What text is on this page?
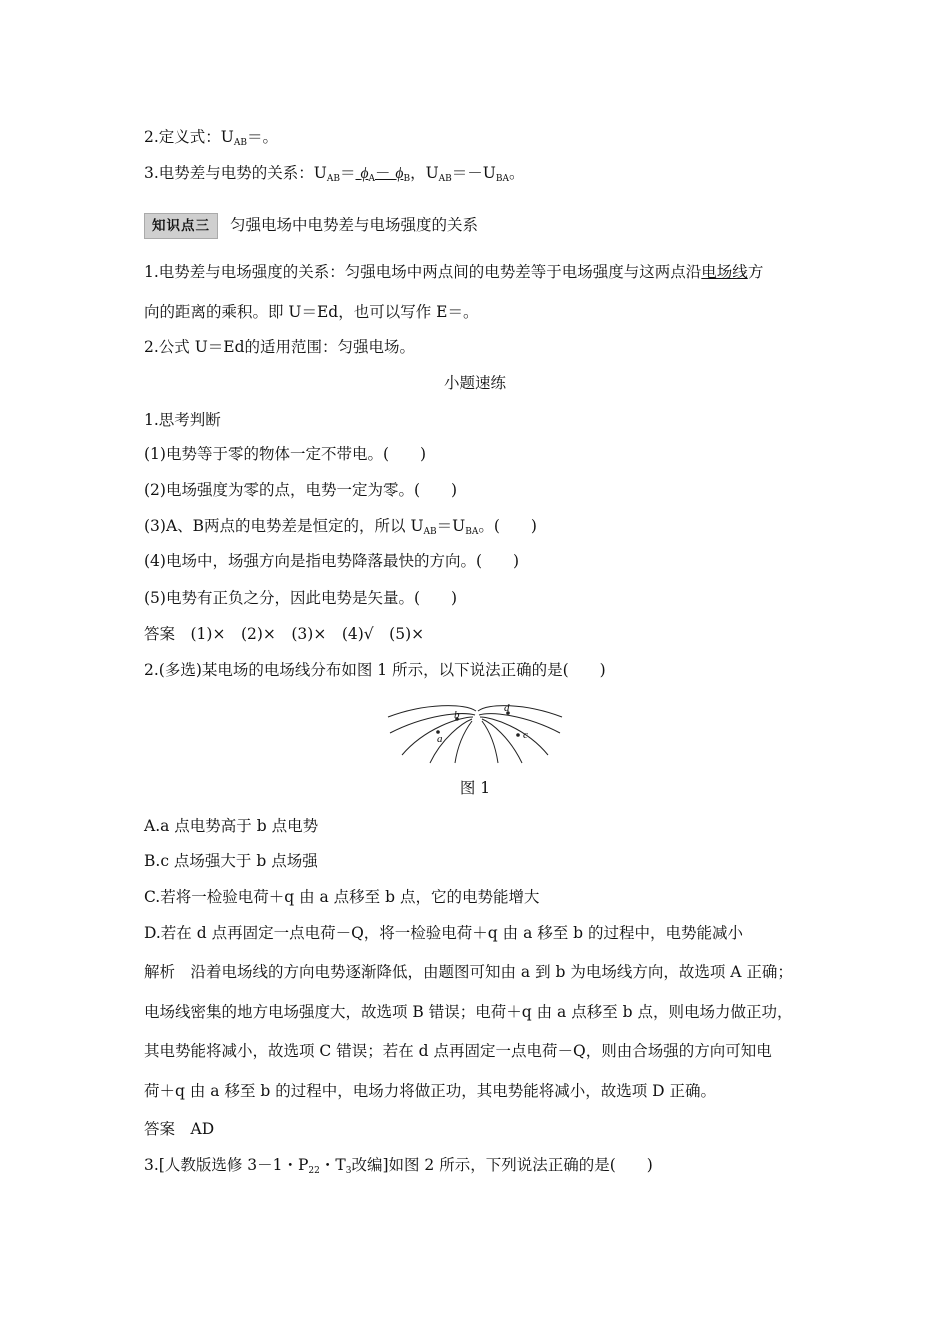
2.定义式：$U_{AB}=$。
3.电势差与电势的关系：$U_{AB}= \phi_A- \phi_B$，$U_{AB}=-U_{BA}$。
知识点三 匀强电场中电势差与电场强度的关系
1.电势差与电场强度的关系：匀强电场中两点间的电势差等于电场强度与这两点沿电场线方
向的距离的乘积。即 U＝Ed，也可以写作 E＝。
2.公式 U＝Ed的适用范围：匀强电场。
小题速练
1.思考判断
(1)电势等于零的物体一定不带电。(　　)
(2)电场强度为零的点，电势一定为零。(　　)
(3)A、B两点的电势差是恒定的，所以 $U_{AB}=U_{BA}$。(　　)
(4)电场中，场强方向是指电势降落最快的方向。(　　)
(5)电势有正负之分，因此电势是矢量。(　　)
答案　(1)×　(2)×　(3)×　(4)√　(5)×
2.(多选)某电场的电场线分布如图 1 所示，以下说法正确的是(　　)
a
b
c
d
图 1
A.a 点电势高于 b 点电势
B.c 点场强大于 b 点场强
C.若将一检验电荷＋q 由 a 点移至 b 点，它的电势能增大
D.若在 d 点再固定一点电荷－Q，将一检验电荷＋q 由 a 移至 b 的过程中，电势能减小
解析　沿着电场线的方向电势逐渐降低，由题图可知由 a 到 b 为电场线方向，故选项 A 正确；
电场线密集的地方电场强度大，故选项 B 错误；电荷＋q 由 a 点移至 b 点，则电场力做正功，
其电势能将减小，故选项 C 错误；若在 d 点再固定一点电荷－Q，则由合场强的方向可知电
荷＋q 由 a 移至 b 的过程中，电场力将做正功，其电势能将减小，故选项 D 正确。
答案　AD
3.[人教版选修 3－1・$P_{22}$・$T_3$改编]如图 2 所示，下列说法正确的是(　　)
